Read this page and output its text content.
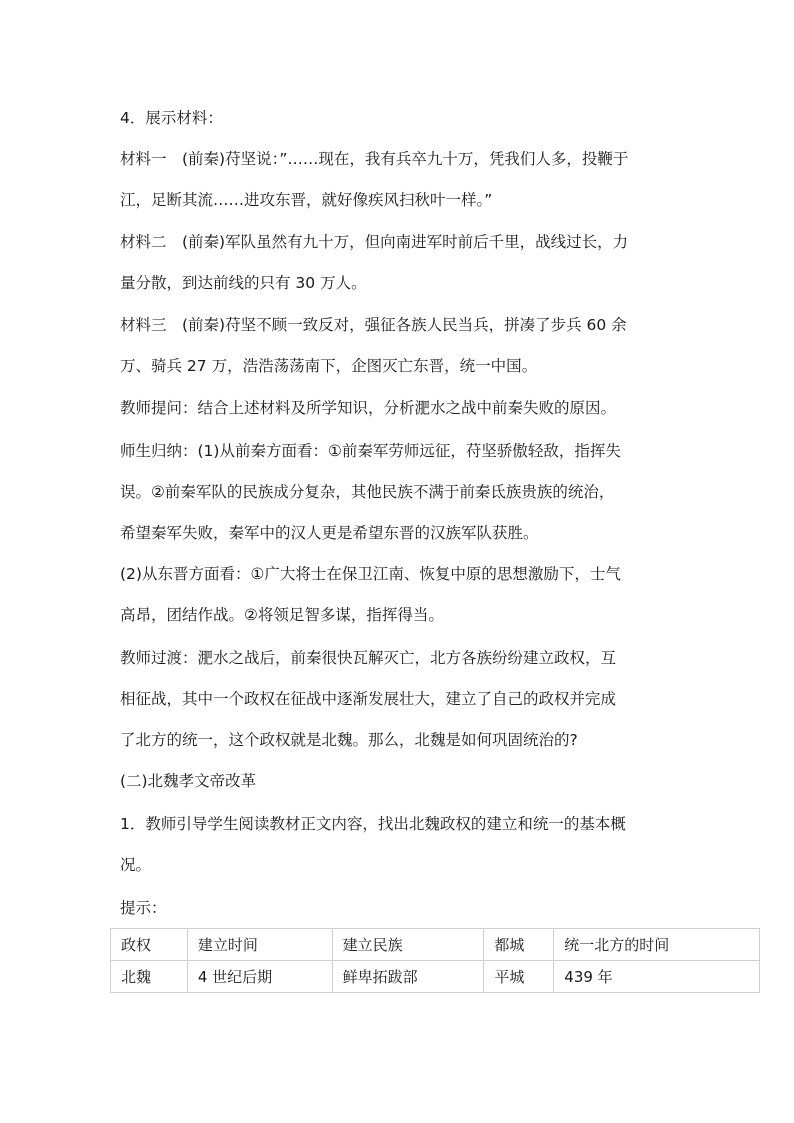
4．展示材料：

材料一　(前秦)苻坚说：”……现在，我有兵卒九十万，凭我们人多，投鞭于
江，足断其流……进攻东晋，就好像疾风扫秋叶一样。”

材料二　(前秦)军队虽然有九十万，但向南进军时前后千里，战线过长，力
量分散，到达前线的只有 30 万人。

材料三　(前秦)苻坚不顾一致反对，强征各族人民当兵，拼凑了步兵 60 余
万、骑兵 27 万，浩浩荡荡南下，企图灭亡东晋，统一中国。

教师提问：结合上述材料及所学知识，分析淝水之战中前秦失败的原因。

师生归纳：(1)从前秦方面看：①前秦军劳师远征，苻坚骄傲轻敌，指挥失
误。②前秦军队的民族成分复杂，其他民族不满于前秦氐族贵族的统治，
希望秦军失败，秦军中的汉人更是希望东晋的汉族军队获胜。
(2)从东晋方面看：①广大将士在保卫江南、恢复中原的思想激励下，士气
高昂，团结作战。②将领足智多谋，指挥得当。

教师过渡：淝水之战后，前秦很快瓦解灭亡，北方各族纷纷建立政权，互
相征战，其中一个政权在征战中逐渐发展壮大，建立了自己的政权并完成
了北方的统一，这个政权就是北魏。那么，北魏是如何巩固统治的?

(二)北魏孝文帝改革

1．教师引导学生阅读教材正文内容，找出北魏政权的建立和统一的基本概
况。

提示：

政权	建立时间	建立民族	都城	统一北方的时间
北魏	4 世纪后期	鲜卑拓跋部	平城	439 年
